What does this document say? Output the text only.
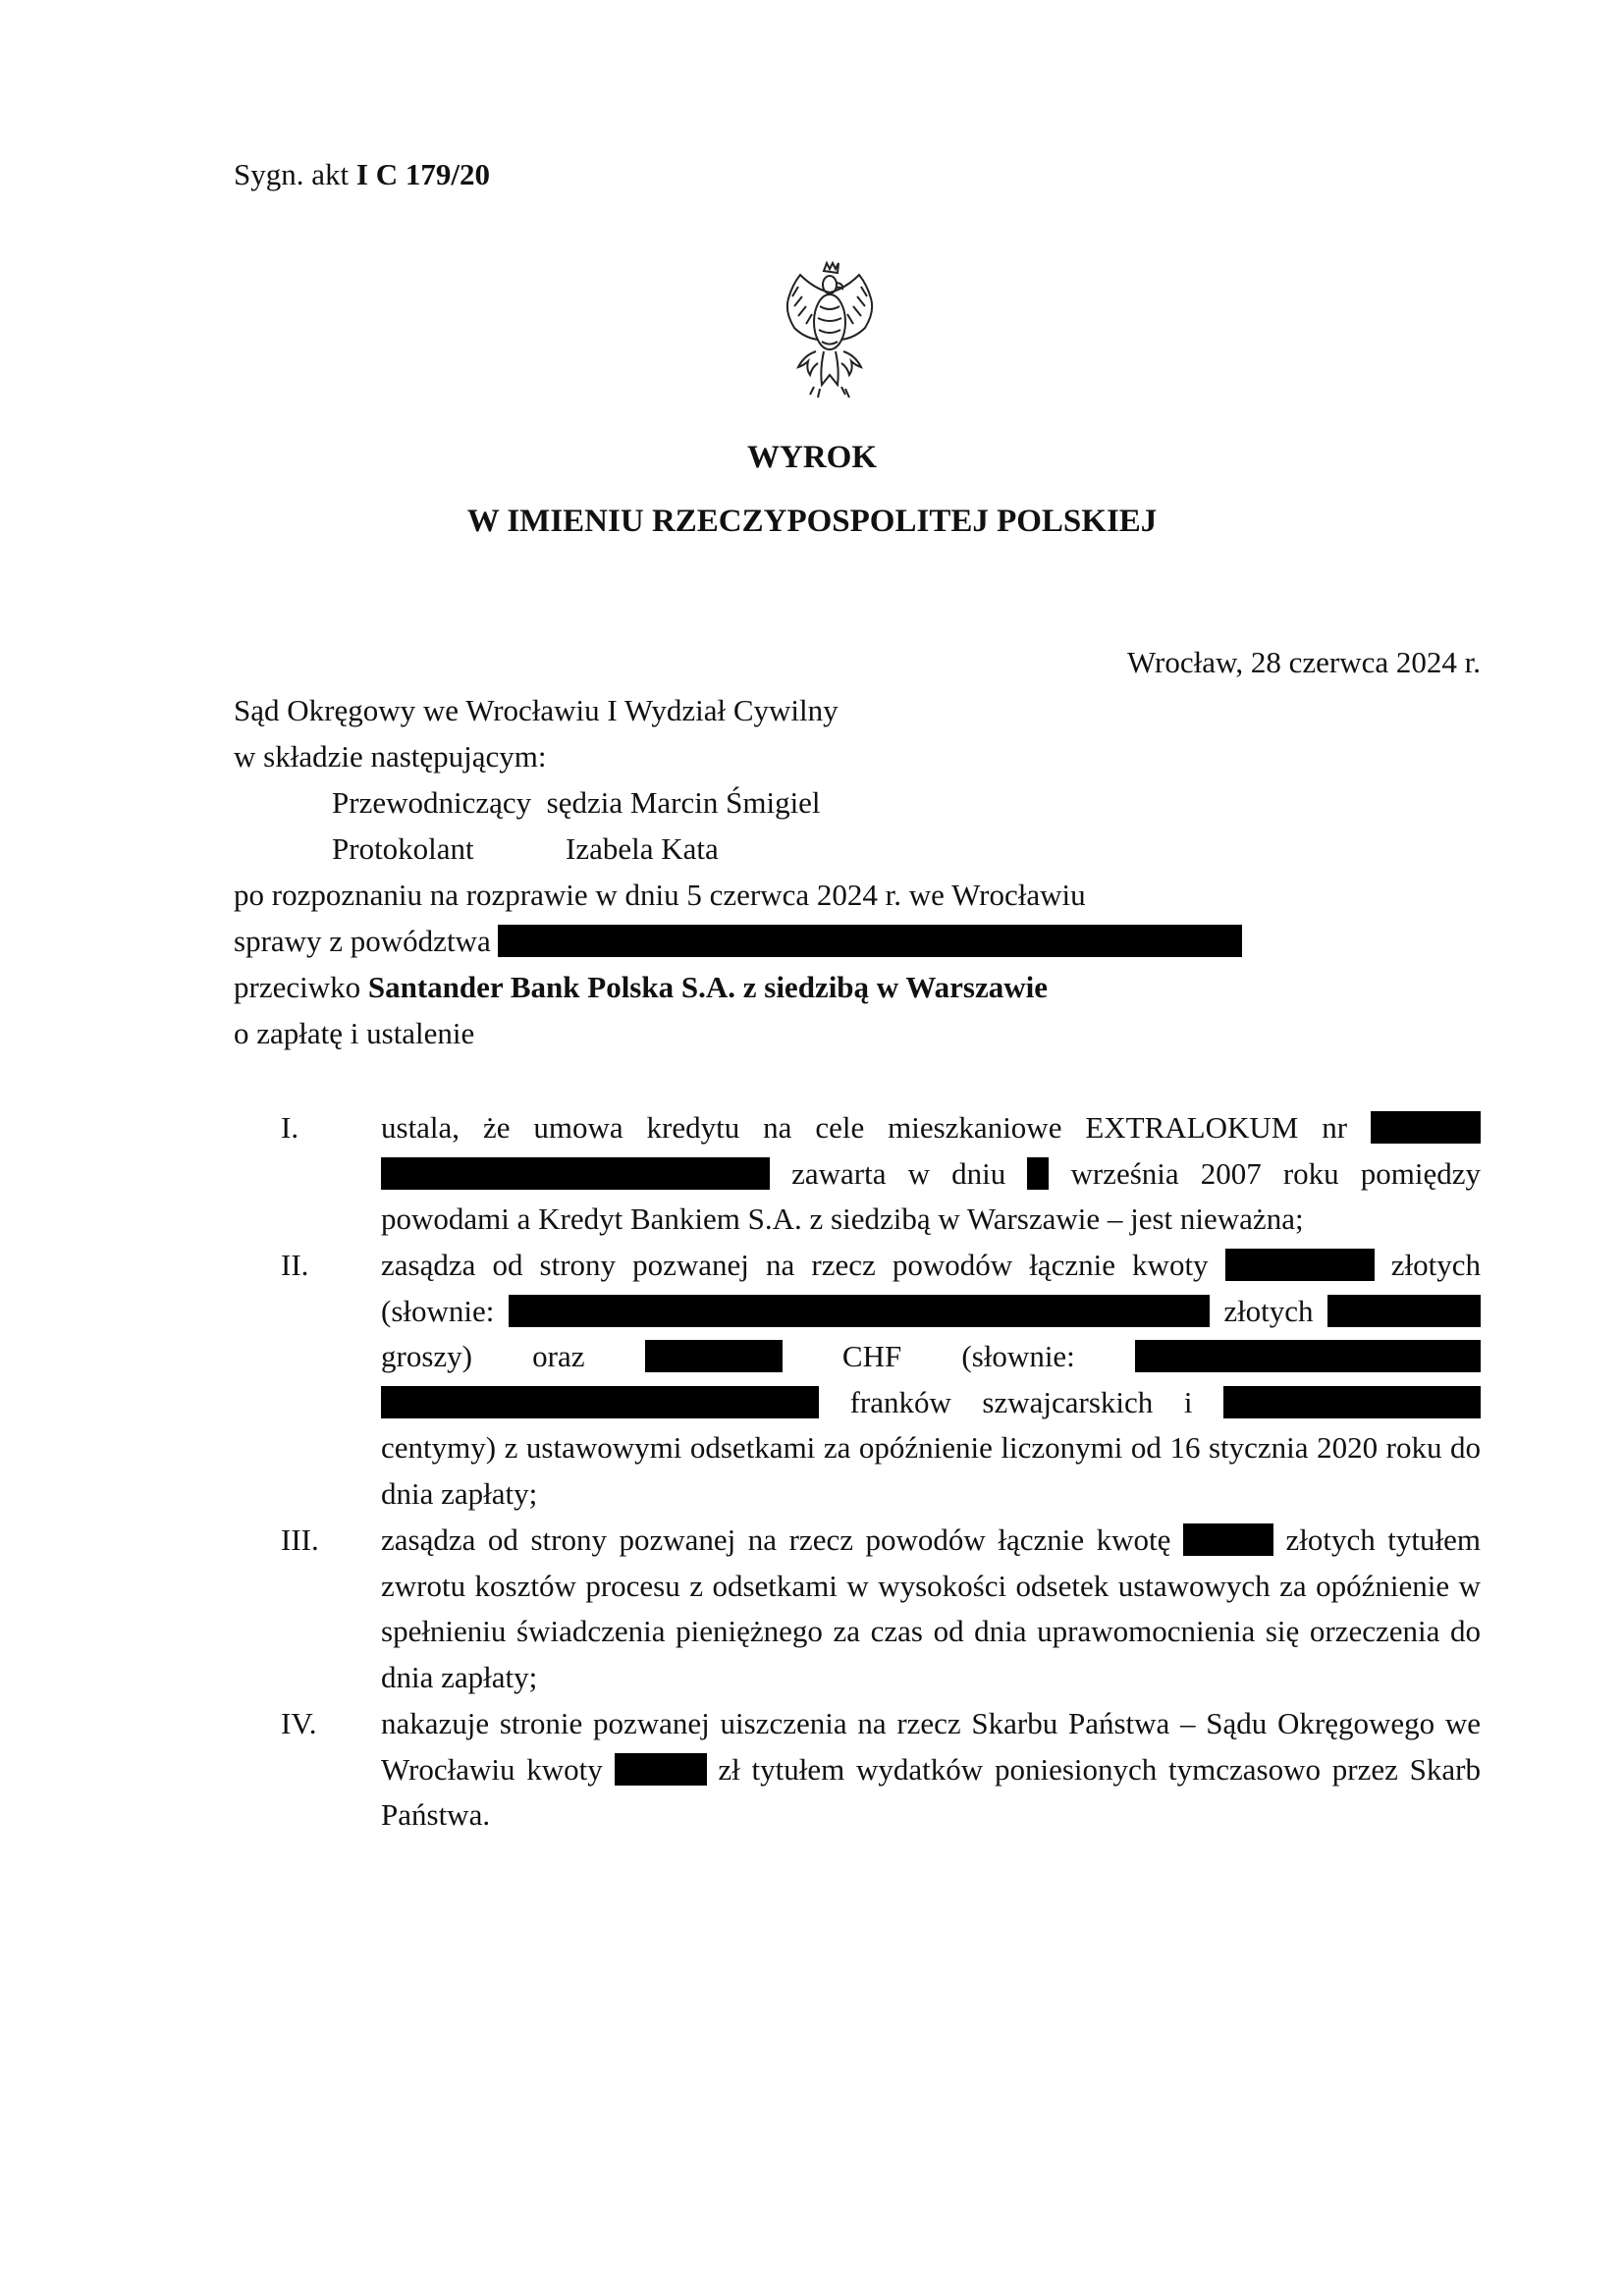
Sygn. akt I C 179/20
WYROK
W IMIENIU RZECZYPOSPOLITEJ POLSKIEJ
Wrocław, 28 czerwca 2024 r.
Sąd Okręgowy we Wrocławiu I Wydział Cywilny
w składzie następującym:
Przewodniczący sędzia Marcin Śmigiel
Protokolant	Izabela Kata
po rozpoznaniu na rozprawie w dniu 5 czerwca 2024 r. we Wrocławiu
sprawy z powództwa
przeciwko Santander Bank Polska S.A. z siedzibą w Warszawie
o zapłatę i ustalenie
I.	ustala, że umowa kredytu na cele mieszkaniowe EXTRALOKUM nr   zawarta w dniu września 2007 roku pomiędzy powodami a Kredyt Bankiem S.A. z siedzibą w Warszawie – jest nieważna;
II. zasądza od strony pozwanej na rzecz powodów łącznie kwoty	złotych (słownie:	złotych  groszy) oraz	CHF (słownie:   franków szwajcarskich i  centymy) z ustawowymi odsetkami za opóźnienie liczonymi od 16 stycznia 2020 roku do dnia zapłaty;
III. zasądza od strony pozwanej na rzecz powodów łącznie kwotę	złotych tytułem zwrotu kosztów procesu z odsetkami w wysokości odsetek ustawowych za opóźnienie w spełnieniu świadczenia pieniężnego za czas od dnia uprawomocnienia się orzeczenia do dnia zapłaty;
IV. nakazuje stronie pozwanej uiszczenia na rzecz Skarbu Państwa – Sądu Okręgowego we Wrocławiu kwoty	zł tytułem wydatków poniesionych tymczasowo przez Skarb Państwa.
